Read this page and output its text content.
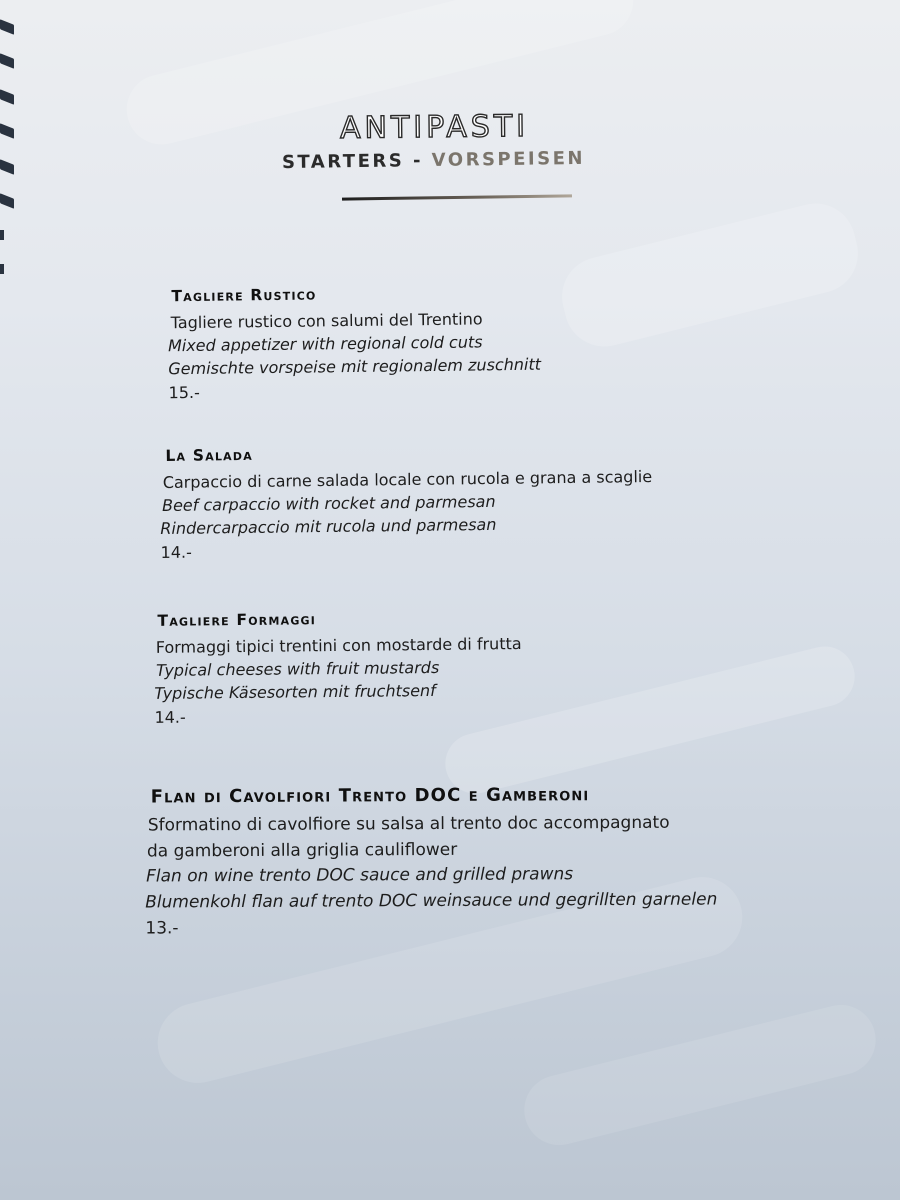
ANTIPASTI
STARTERS - VORSPEISEN
Tagliere Rustico
Tagliere rustico con salumi del Trentino
Mixed appetizer with regional cold cuts
Gemischte vorspeise mit regionalem zuschnitt
15.-
La Salada
Carpaccio di carne salada locale con rucola e grana a scaglie
Beef carpaccio with rocket and parmesan
Rindercarpaccio mit rucola und parmesan
14.-
Tagliere Formaggi
Formaggi tipici trentini con mostarde di frutta
Typical cheeses with fruit mustards
Typische Käsesorten mit fruchtsenf
14.-
Flan di Cavolfiori Trento DOC e Gamberoni
Sformatino di cavolfiore su salsa al trento doc accompagnato
da gamberoni alla griglia cauliflower
Flan on wine trento DOC sauce and grilled prawns
Blumenkohl flan auf trento DOC weinsauce und gegrillten garnelen
13.-
